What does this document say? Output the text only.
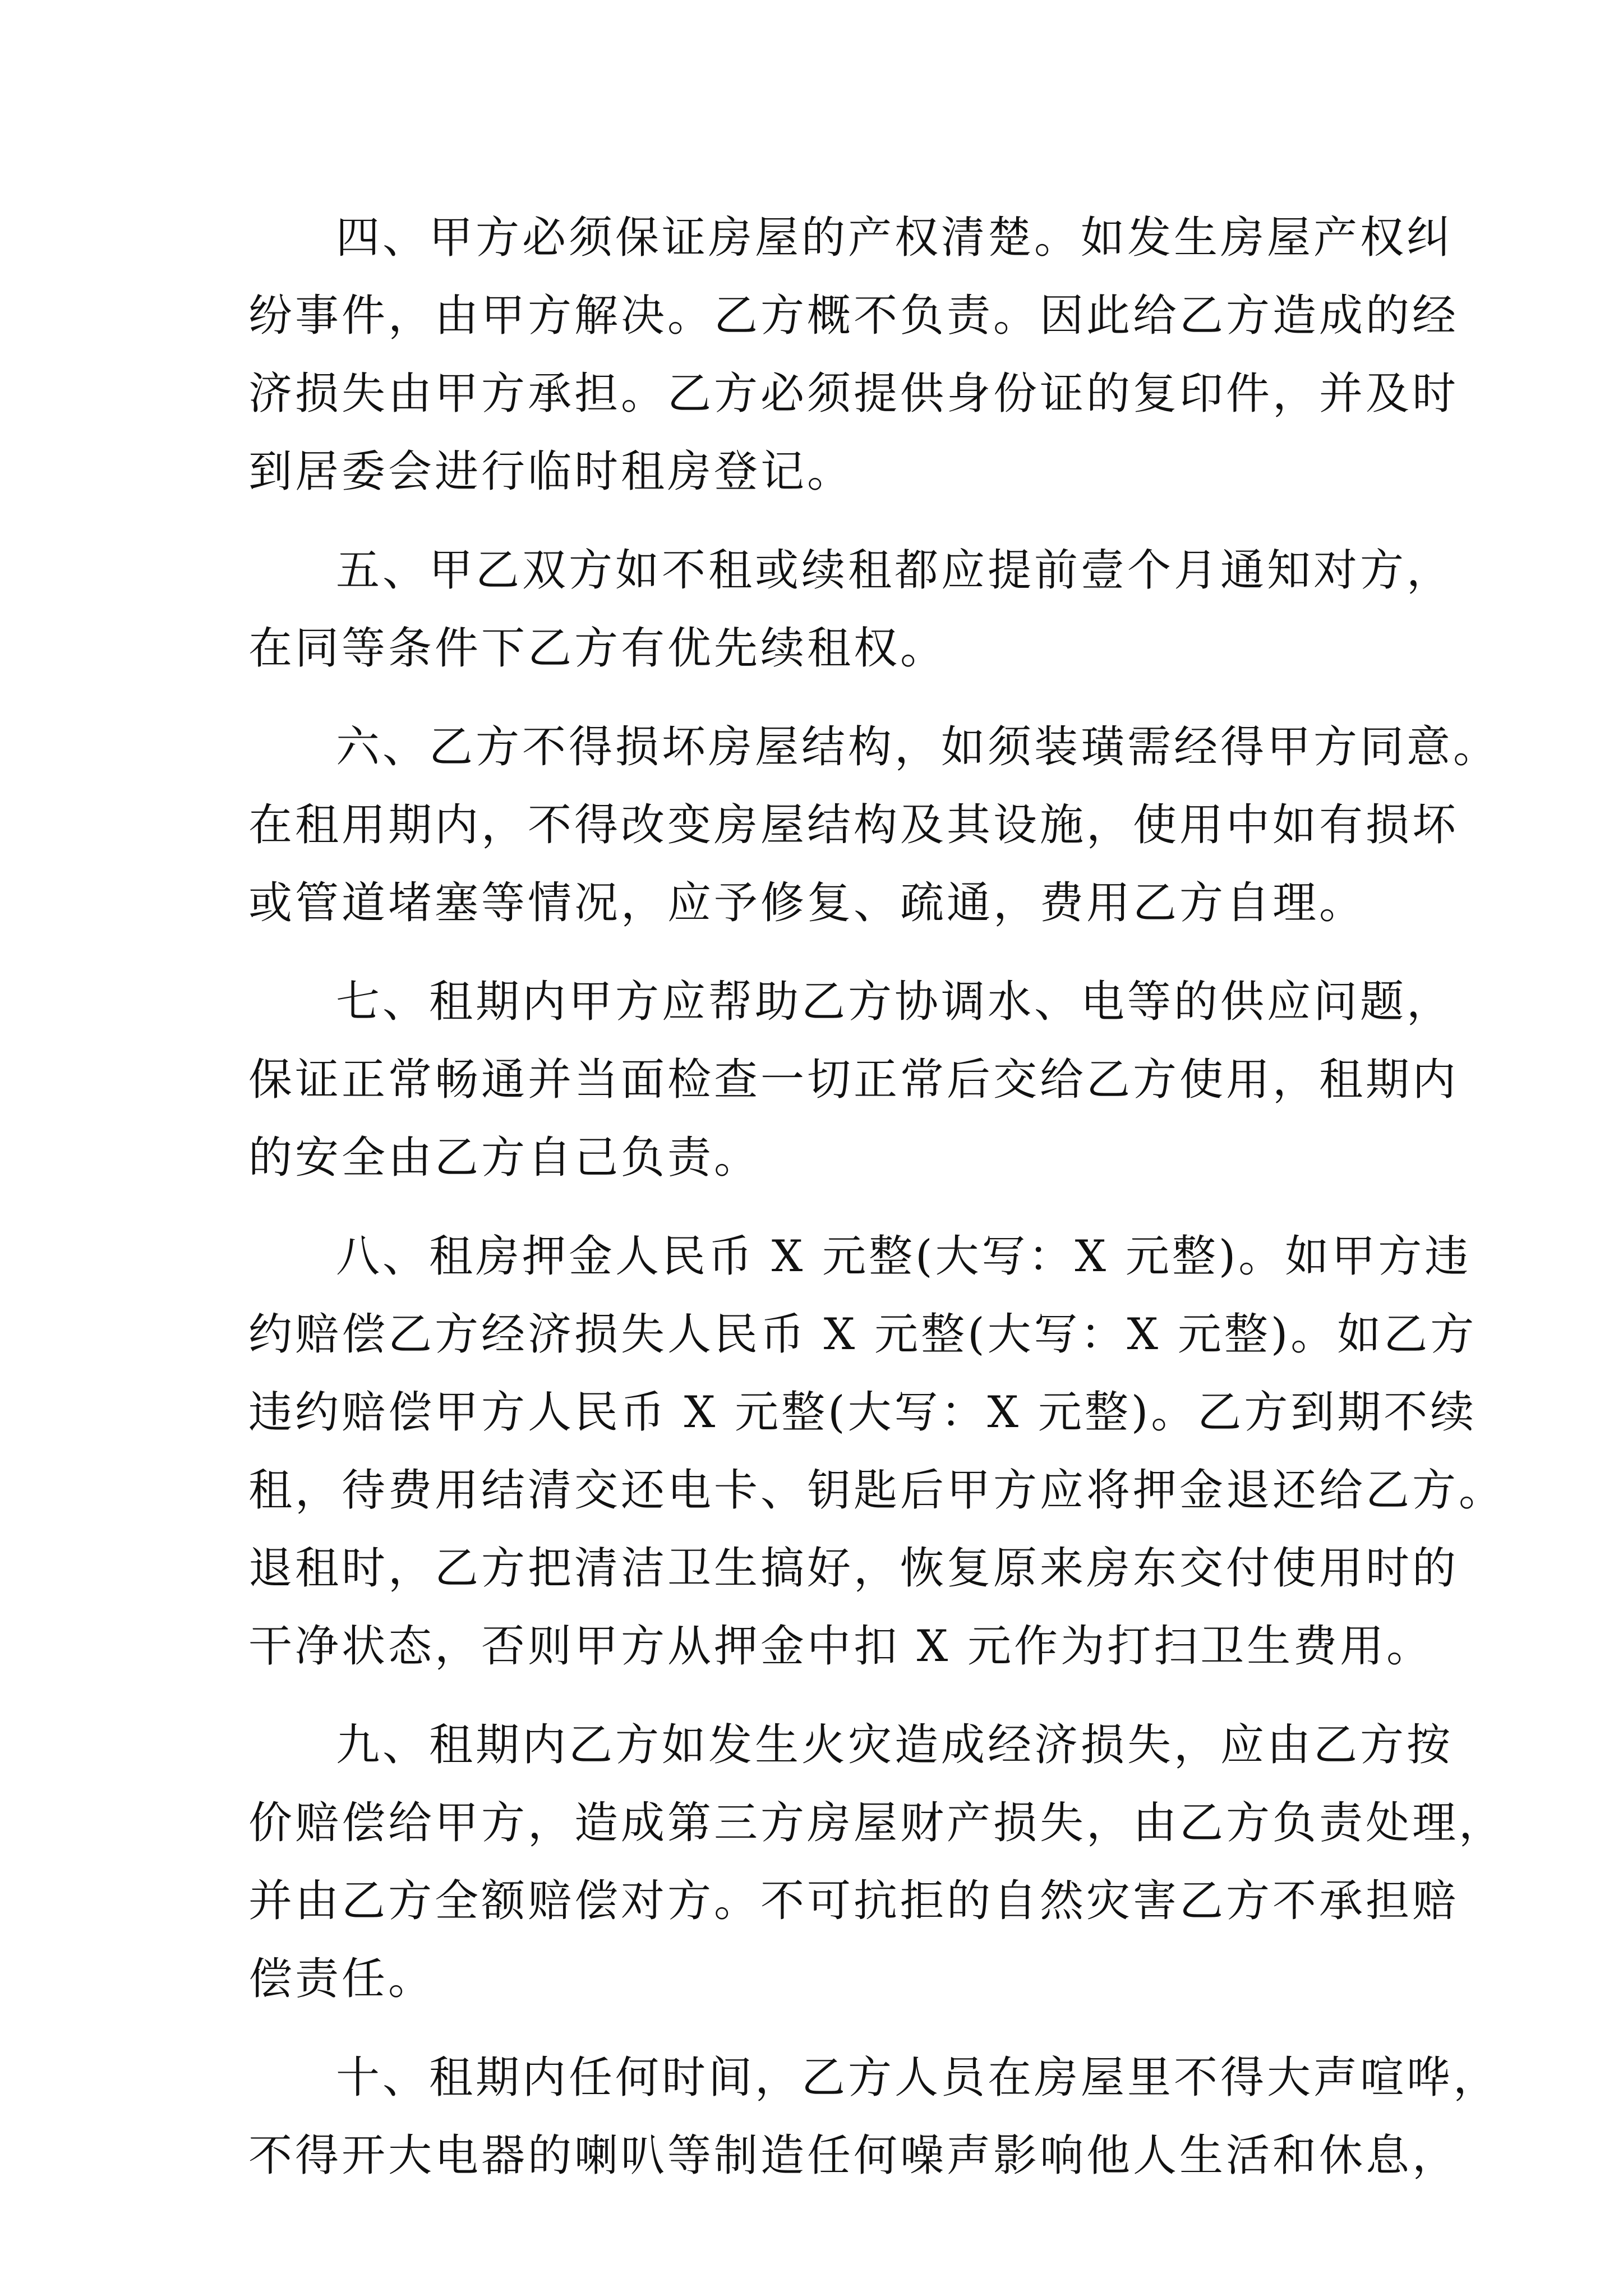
四、甲方必须保证房屋的产权清楚。如发生房屋产权纠
纷事件，由甲方解决。乙方概不负责。因此给乙方造成的经
济损失由甲方承担。乙方必须提供身份证的复印件，并及时
到居委会进行临时租房登记。
五、甲乙双方如不租或续租都应提前壹个月通知对方，
在同等条件下乙方有优先续租权。
六、乙方不得损坏房屋结构，如须装璜需经得甲方同意。
在租用期内，不得改变房屋结构及其设施，使用中如有损坏
或管道堵塞等情况，应予修复、疏通，费用乙方自理。
七、租期内甲方应帮助乙方协调水、电等的供应问题，
保证正常畅通并当面检查一切正常后交给乙方使用，租期内
的安全由乙方自己负责。
八、租房押金人民币 X 元整(大写：X 元整)。如甲方违
约赔偿乙方经济损失人民币 X 元整(大写：X 元整)。如乙方
违约赔偿甲方人民币 X 元整(大写：X 元整)。乙方到期不续
租，待费用结清交还电卡、钥匙后甲方应将押金退还给乙方。
退租时，乙方把清洁卫生搞好，恢复原来房东交付使用时的
干净状态，否则甲方从押金中扣 X 元作为打扫卫生费用。
九、租期内乙方如发生火灾造成经济损失，应由乙方按
价赔偿给甲方，造成第三方房屋财产损失，由乙方负责处理，
并由乙方全额赔偿对方。不可抗拒的自然灾害乙方不承担赔
偿责任。
十、租期内任何时间，乙方人员在房屋里不得大声喧哗，
不得开大电器的喇叭等制造任何噪声影响他人生活和休息，
